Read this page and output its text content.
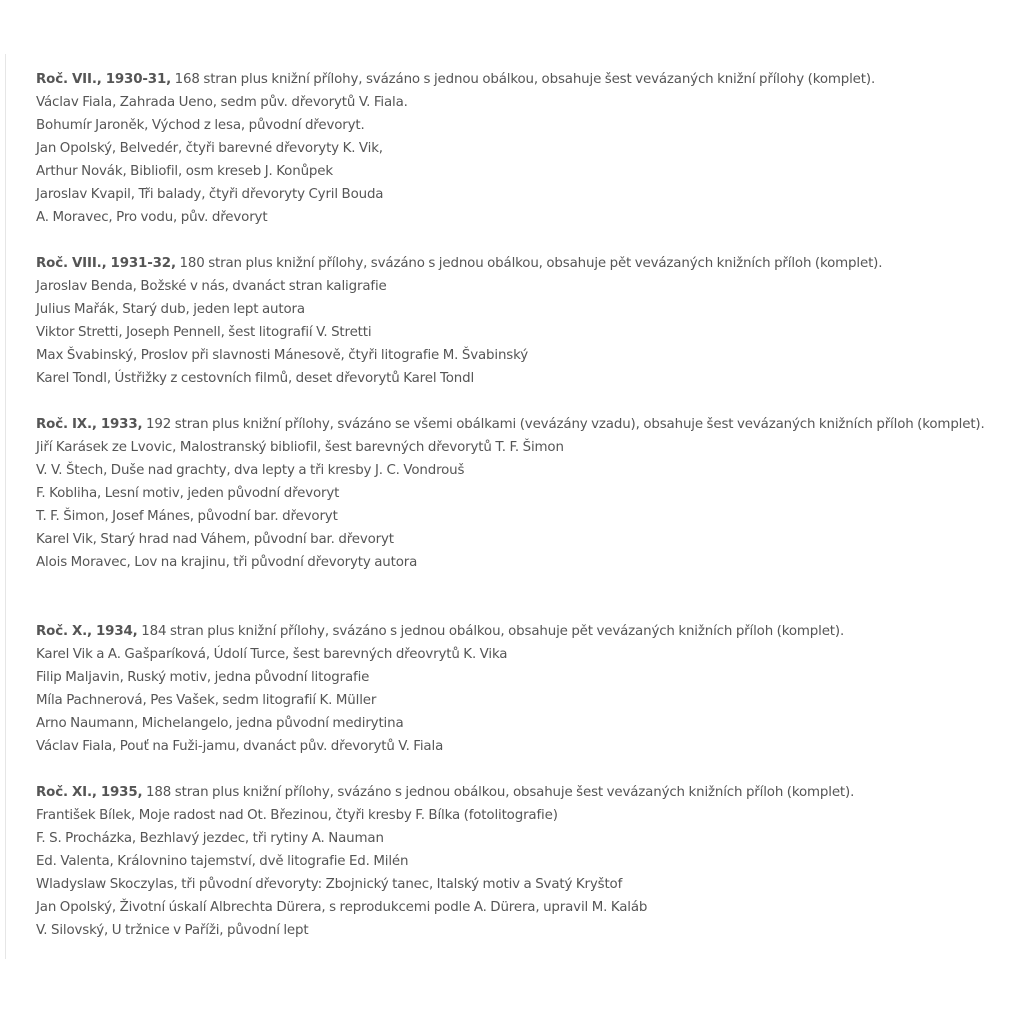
Roč. VII., 1930-31, 168 stran plus knižní přílohy, svázáno s jednou obálkou, obsahuje šest vevázaných knižní přílohy (komplet).

Václav Fiala, Zahrada Ueno, sedm pův. dřevorytů V. Fiala.

Bohumír Jaroněk, Východ z lesa, původní dřevoryt.

Jan Opolský, Belvedér, čtyři barevné dřevoryty K. Vik,

Arthur Novák, Bibliofil, osm kreseb J. Konůpek

Jaroslav Kvapil, Tři balady, čtyři dřevoryty Cyril Bouda

A. Moravec, Pro vodu, pův. dřevoryt

Roč. VIII., 1931-32, 180 stran plus knižní přílohy, svázáno s jednou obálkou, obsahuje pět vevázaných knižních příloh (komplet).

Jaroslav Benda, Božské v nás, dvanáct stran kaligrafie

Julius Mařák, Starý dub, jeden lept autora

Viktor Stretti, Joseph Pennell, šest litografií V. Stretti

Max Švabinský, Proslov při slavnosti Mánesově, čtyři litografie M. Švabinský

Karel Tondl, Ústřižky z cestovních filmů, deset dřevorytů Karel Tondl

Roč. IX., 1933, 192 stran plus knižní přílohy, svázáno se všemi obálkami (vevázány vzadu), obsahuje šest vevázaných knižních příloh (komplet).

Jiří Karásek ze Lvovic, Malostranský bibliofil, šest barevných dřevorytů T. F. Šimon

V. V. Štech, Duše nad grachty, dva lepty a tři kresby J. C. Vondrouš

F. Kobliha, Lesní motiv, jeden původní dřevoryt

T. F. Šimon, Josef Mánes, původní bar. dřevoryt

Karel Vik, Starý hrad nad Váhem, původní bar. dřevoryt

Alois Moravec, Lov na krajinu, tři původní dřevoryty autora

Roč. X., 1934, 184 stran plus knižní přílohy, svázáno s jednou obálkou, obsahuje pět vevázaných knižních příloh (komplet).

Karel Vik a A. Gašparíková, Údolí Turce, šest barevných dřeovrytů K. Vika

Filip Maljavin, Ruský motiv, jedna původní litografie

Míla Pachnerová, Pes Vašek, sedm litografií K. Müller

Arno Naumann, Michelangelo, jedna původní medirytina

Václav Fiala, Pouť na Fuži-jamu, dvanáct pův. dřevorytů V. Fiala

Roč. XI., 1935, 188 stran plus knižní přílohy, svázáno s jednou obálkou, obsahuje šest vevázaných knižních příloh (komplet).

František Bílek, Moje radost nad Ot. Březinou, čtyři kresby F. Bílka (fotolitografie)

F. S. Procházka, Bezhlavý jezdec, tři rytiny A. Nauman

Ed. Valenta, Královnino tajemství, dvě litografie Ed. Milén

Wladyslaw Skoczylas, tři původní dřevoryty: Zbojnický tanec, Italský motiv a Svatý Kryštof

Jan Opolský, Životní úskalí Albrechta Dürera, s reprodukcemi podle A. Dürera, upravil M. Kaláb

V. Silovský, U tržnice v Paříži, původní lept
